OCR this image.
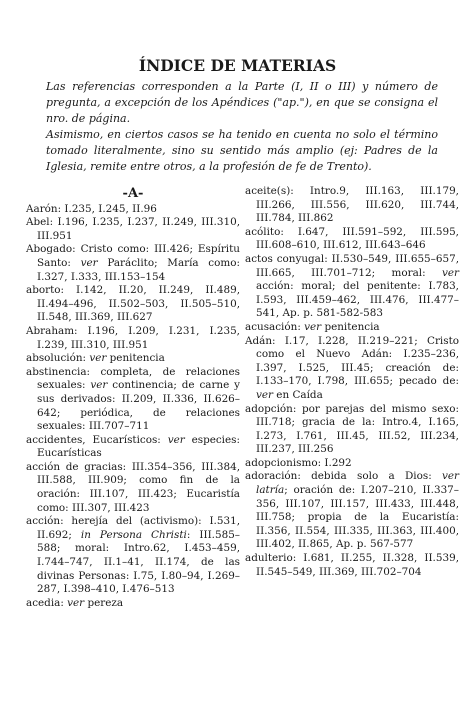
ÍNDICE DE MATERIAS

Las referencias corresponden a la Parte (I, II o III) y número de pregunta, a excepción de los Apéndices ("ap."), en que se consigna el nro. de página.

Asimismo, en ciertos casos se ha tenido en cuenta no solo el término tomado literalmente, sino su sentido más amplio (ej: Padres de la Iglesia, remite entre otros, a la profesión de fe de Trento).

-A-

Aarón: I.235, I.245, II.96

Abel: I.196, I.235, I.237, II.249, III.310, III.951

Abogado: Cristo como: III.426; Espíritu Santo: ver Paráclito; María como: I.327, I.333, III.153–154

aborto: I.142, II.20, II.249, II.489, II.494–496, II.502–503, II.505–510, II.548, III.369, III.627

Abraham: I.196, I.209, I.231, I.235, I.239, III.310, III.951

absolución: ver penitencia

abstinencia: completa, de relaciones sexuales: ver continencia; de carne y sus derivados: II.209, II.336, II.626–642; periódica, de relaciones sexuales: III.707–711

accidentes, Eucarísticos: ver especies: Eucarísticas

acción de gracias: III.354–356, III.384, III.588, III.909; como fin de la oración: III.107, III.423; Eucaristía como: III.307, III.423

acción: herejía del (activismo): I.531, II.692; in Persona Christi: III.585– 588; moral: Intro.62, I.453–459, I.744–747, II.1–41, II.174, de las divinas Personas: I.75, I.80–94, I.269–287, I.398–410, I.476–513

acedia: ver pereza

aceite(s): Intro.9, III.163, III.179, III.266, III.556, III.620, III.744, III.784, III.862

acólito: I.647, III.591–592, III.595, III.608–610, III.612, III.643–646

actos conyugal: II.530–549, III.655–657, III.665, III.701–712; moral: ver acción: moral; del penitente: I.783, I.593, III.459–462, III.476, III.477–541, Ap. p. 581-582-583

acusación: ver penitencia

Adán: I.17, I.228, II.219–221; Cristo como el Nuevo Adán: I.235–236, I.397, I.525, III.45; creación de: I.133–170, I.798, III.655; pecado de: ver en Caída

adopción: por parejas del mismo sexo: III.718; gracia de la: Intro.4, I.165, I.273, I.761, III.45, III.52, III.234, III.237, III.256

adopcionismo: I.292

adoración: debida solo a Dios: ver latría; oración de: I.207–210, II.337–356, III.107, III.157, III.433, III.448, III.758; propia de la Eucaristía: II.356, II.554, III.335, III.363, III.400, III.402, II.865, Ap. p. 567-577

adulterio: I.681, II.255, II.328, II.539, II.545–549, III.369, III.702–704
